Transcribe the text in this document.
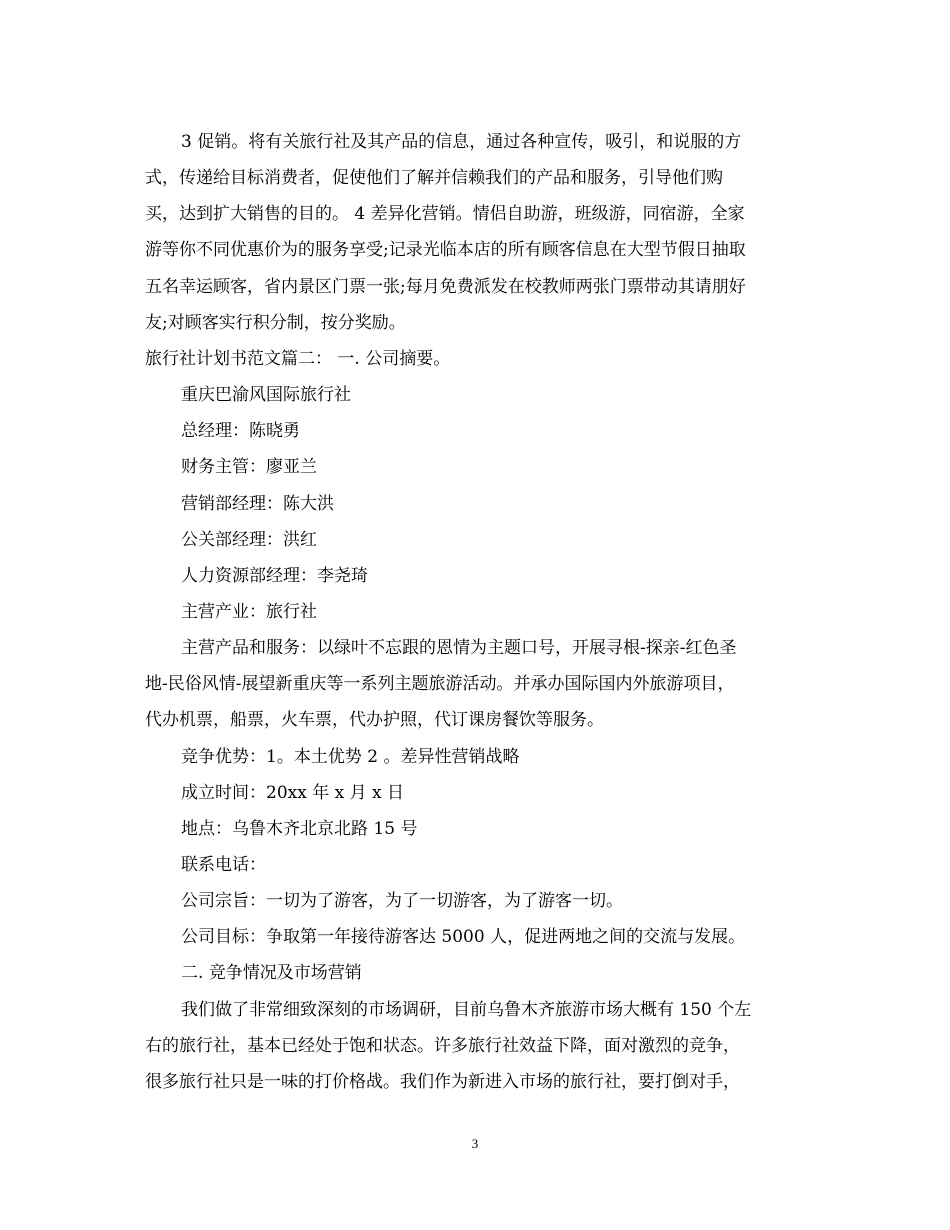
3 促销。将有关旅行社及其产品的信息，通过各种宣传，吸引，和说服的方
式，传递给目标消费者，促使他们了解并信赖我们的产品和服务，引导他们购
买，达到扩大销售的目的。 4 差异化营销。情侣自助游，班级游，同宿游，全家
游等你不同优惠价为的服务享受;记录光临本店的所有顾客信息在大型节假日抽取
五名幸运顾客，省内景区门票一张;每月免费派发在校教师两张门票带动其请朋好
友;对顾客实行积分制，按分奖励。
旅行社计划书范文篇二： 一. 公司摘要。
重庆巴渝风国际旅行社
总经理：陈晓勇
财务主管：廖亚兰
营销部经理：陈大洪
公关部经理：洪红
人力资源部经理：李尧琦
主营产业：旅行社
主营产品和服务：以绿叶不忘跟的恩情为主题口号，开展寻根-探亲-红色圣
地-民俗风情-展望新重庆等一系列主题旅游活动。并承办国际国内外旅游项目，
代办机票，船票，火车票，代办护照，代订课房餐饮等服务。
竞争优势：1。本土优势 2 。差异性营销战略
成立时间：20xx 年 x 月 x 日
地点：乌鲁木齐北京北路 15 号
联系电话：
公司宗旨：一切为了游客，为了一切游客，为了游客一切。
公司目标：争取第一年接待游客达 5000 人，促进两地之间的交流与发展。
二. 竞争情况及市场营销
我们做了非常细致深刻的市场调研，目前乌鲁木齐旅游市场大概有 150 个左
右的旅行社，基本已经处于饱和状态。许多旅行社效益下降，面对激烈的竞争，
很多旅行社只是一味的打价格战。我们作为新进入市场的旅行社，要打倒对手，
3
